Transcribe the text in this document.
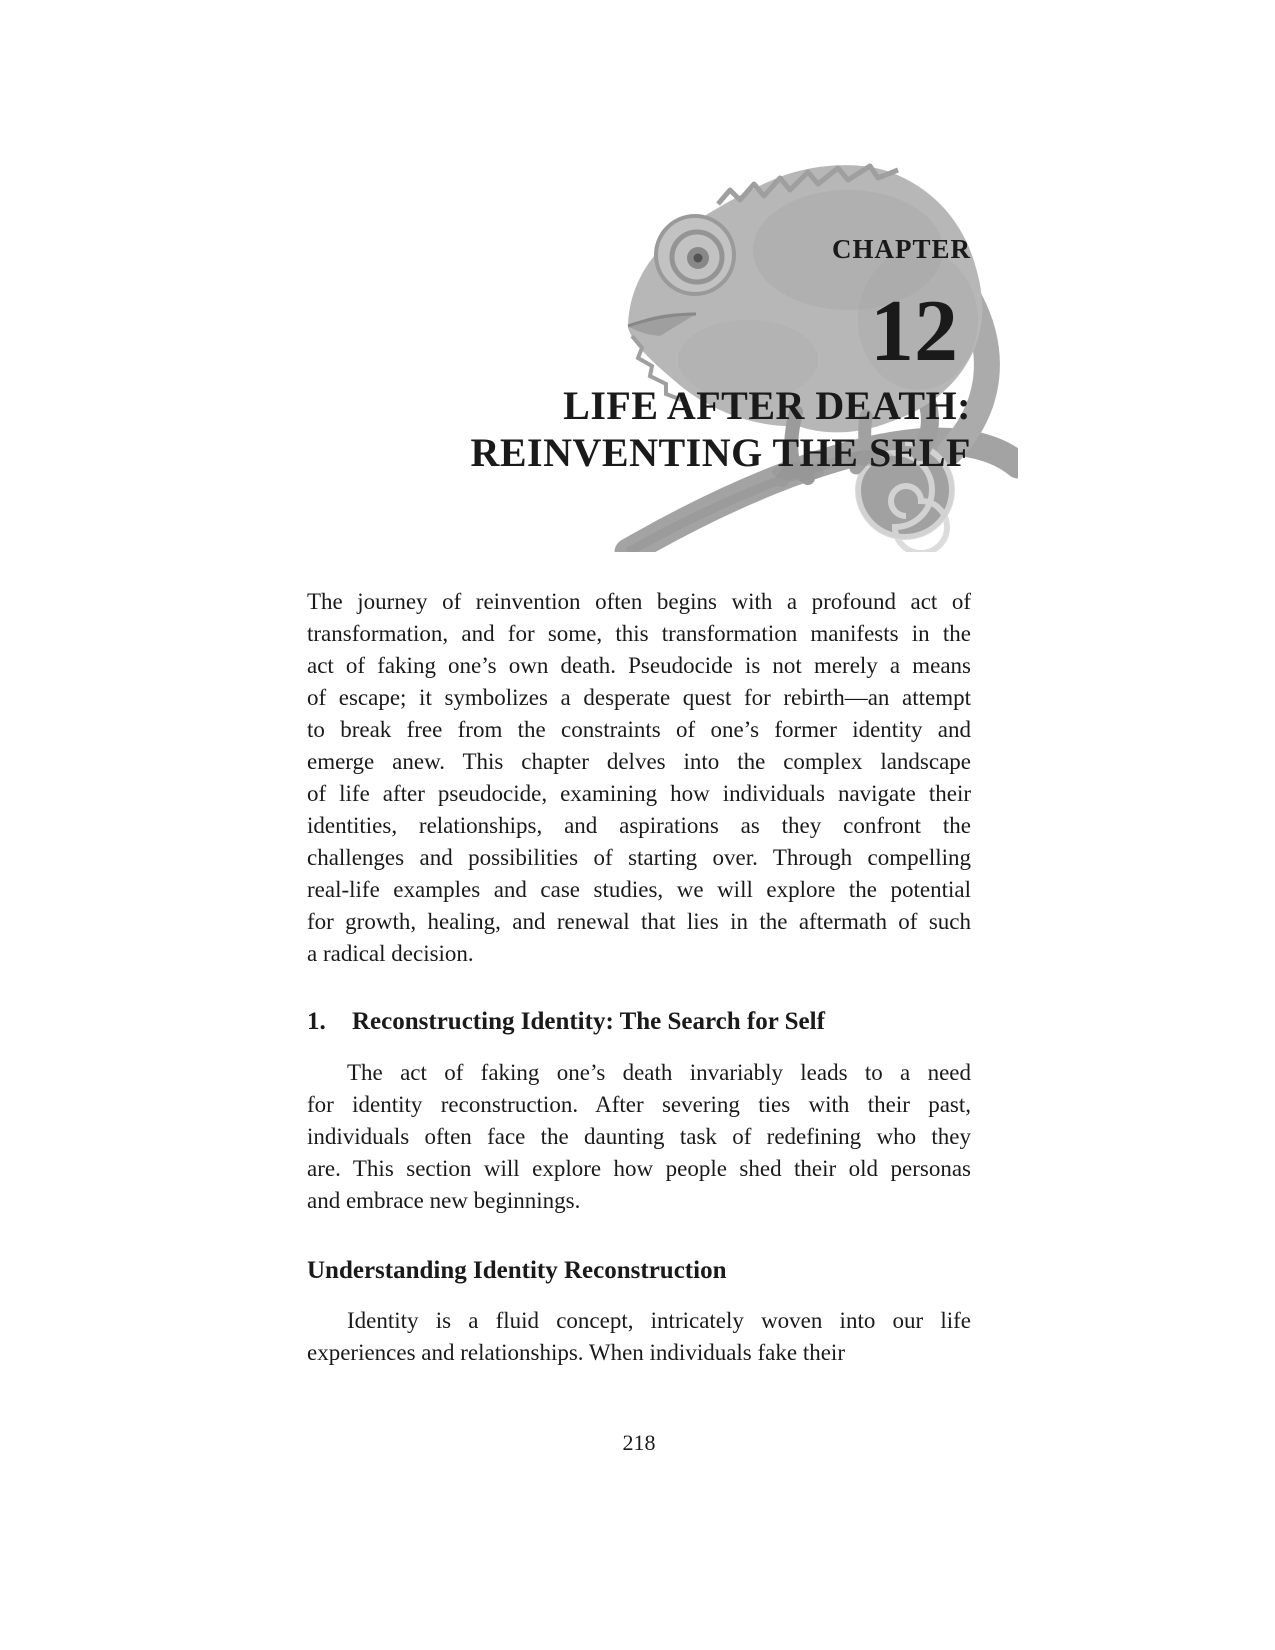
CHAPTER
12
LIFE AFTER DEATH:
REINVENTING THE SELF
The journey of reinvention often begins with a profound act of
transformation, and for some, this transformation manifests in the
act of faking one’s own death. Pseudocide is not merely a means
of escape; it symbolizes a desperate quest for rebirth—an attempt
to break free from the constraints of one’s former identity and
emerge anew. This chapter delves into the complex landscape
of life after pseudocide, examining how individuals navigate their
identities, relationships, and aspirations as they confront the
challenges and possibilities of starting over. Through compelling
real-life examples and case studies, we will explore the potential
for growth, healing, and renewal that lies in the aftermath of such
a radical decision.
1.	Reconstructing Identity: The Search for Self
The act of faking one’s death invariably leads to a need
for identity reconstruction. After severing ties with their past,
individuals often face the daunting task of redefining who they
are. This section will explore how people shed their old personas
and embrace new beginnings.
Understanding Identity Reconstruction
Identity is a fluid concept, intricately woven into our life
experiences and relationships. When individuals fake their
218
